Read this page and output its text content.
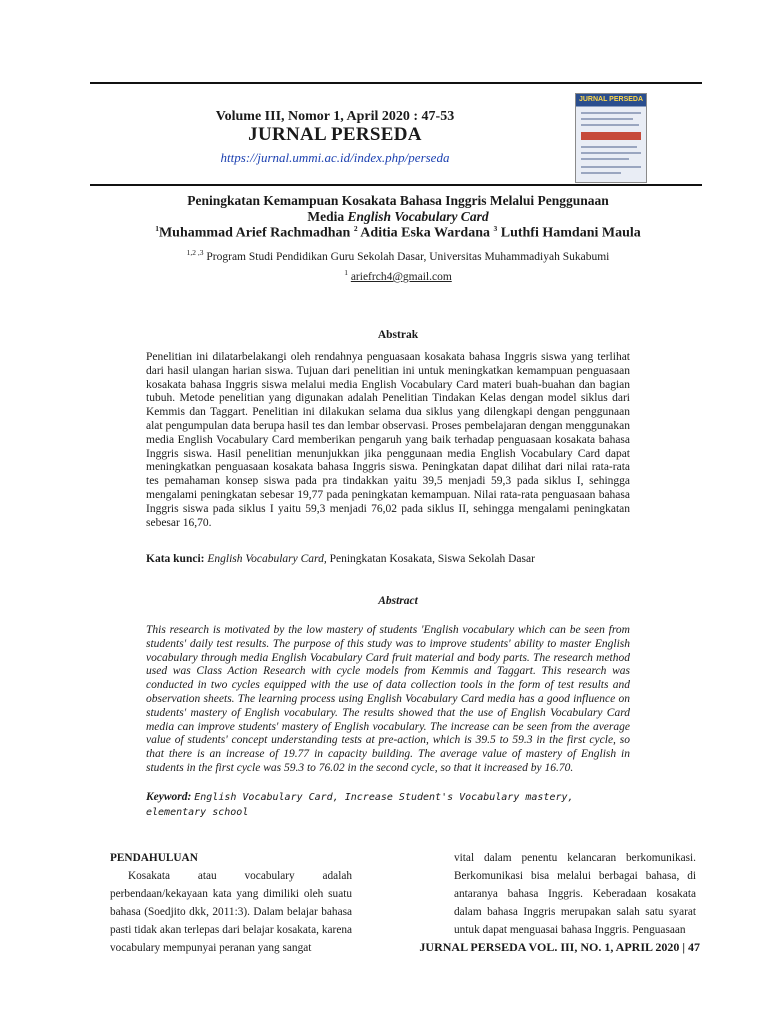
Volume III, Nomor 1, April 2020 : 47-53
JURNAL PERSEDA
https://jurnal.ummi.ac.id/index.php/perseda
JURNAL PERSEDA
Peningkatan Kemampuan Kosakata Bahasa Inggris Melalui Penggunaan
Media English Vocabulary Card
$^1$Muhammad Arief Rachmadhan $^2$ Aditia Eska Wardana $^3$ Luthfi Hamdani Maula
$^{1,2 ,3}$ Program Studi Pendidikan Guru Sekolah Dasar, Universitas Muhammadiyah Sukabumi
$^1$ ariefrch4@gmail.com
Abstrak

Penelitian ini dilatarbelakangi oleh rendahnya penguasaan kosakata bahasa Inggris siswa yang terlihat dari hasil ulangan harian siswa. Tujuan dari penelitian ini untuk meningkatkan kemampuan penguasaan kosakata bahasa Inggris siswa melalui media English Vocabulary Card materi buah-buahan dan bagian tubuh. Metode penelitian yang digunakan adalah Penelitian Tindakan Kelas dengan model siklus dari Kemmis dan Taggart. Penelitian ini dilakukan selama dua siklus yang dilengkapi dengan penggunaan alat pengumpulan data berupa hasil tes dan lembar observasi. Proses pembelajaran dengan menggunakan media English Vocabulary Card memberikan pengaruh yang baik terhadap penguasaan kosakata bahasa Inggris siswa. Hasil penelitian menunjukkan jika penggunaan media English Vocabulary Card dapat meningkatkan penguasaan kosakata bahasa Inggris siswa. Peningkatan dapat dilihat dari nilai rata-rata tes pemahaman konsep siswa pada pra tindakkan yaitu 39,5 menjadi 59,3 pada siklus I, sehingga mengalami peningkatan sebesar 19,77 pada peningkatan kemampuan. Nilai rata-rata penguasaan bahasa Inggris siswa pada siklus I yaitu 59,3 menjadi 76,02 pada siklus II, sehingga mengalami peningkatan sebesar 16,70.

Kata kunci: English Vocabulary Card, Peningkatan Kosakata, Siswa Sekolah Dasar
Abstract

This research is motivated by the low mastery of students 'English vocabulary which can be seen from students' daily test results. The purpose of this study was to improve students' ability to master English vocabulary through media English Vocabulary Card fruit material and body parts. The research method used was Class Action Research with cycle models from Kemmis and Taggart. This research was conducted in two cycles equipped with the use of data collection tools in the form of test results and observation sheets. The learning process using English Vocabulary Card media has a good influence on students' mastery of English vocabulary. The results showed that the use of English Vocabulary Card media can improve students' mastery of English vocabulary. The increase can be seen from the average value of students' concept understanding tests at pre-action, which is 39.5 to 59.3 in the first cycle, so that there is an increase of 19.77 in capacity building. The average value of mastery of English in students in the first cycle was 59.3 to 76.02 in the second cycle, so that it increased by 16.70.

Keyword: English Vocabulary Card, Increase Student's Vocabulary mastery, elementary school
PENDAHULUAN
Kosakata atau vocabulary adalah perbendaan/kekayaan kata yang dimiliki oleh suatu bahasa (Soedjito dkk, 2011:3). Dalam belajar bahasa pasti tidak akan terlepas dari belajar kosakata, karena vocabulary mempunyai peranan yang sangat
vital dalam penentu kelancaran berkomunikasi. Berkomunikasi bisa melalui berbagai bahasa, di antaranya bahasa Inggris. Keberadaan kosakata dalam bahasa Inggris merupakan salah satu syarat untuk dapat menguasai bahasa Inggris. Penguasaan
JURNAL PERSEDA VOL. III, NO. 1, APRIL 2020 | 47
